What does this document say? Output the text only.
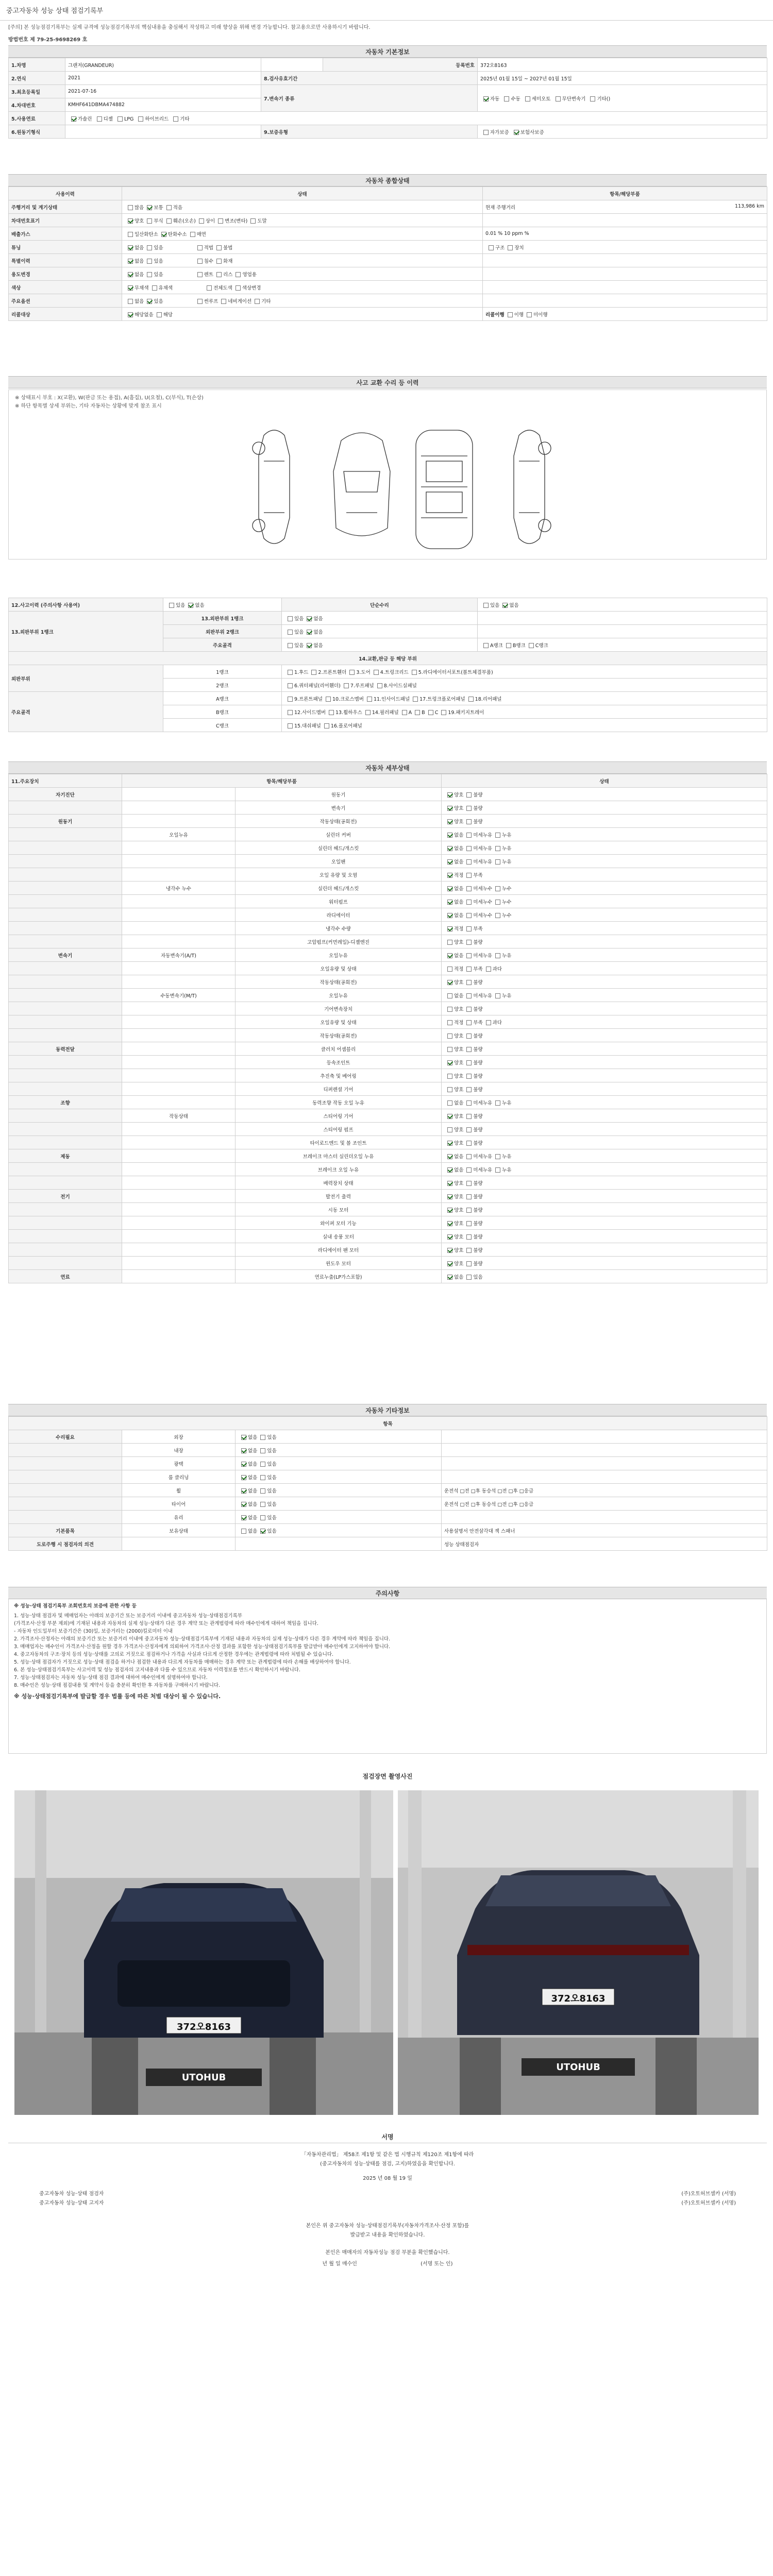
중고자동차 성능 상태 점검기록부
[주의] 본 성능점검기록부는 실제 규격에 성능점검기록부의 핵심내용을 충심해서 작성하고 미래 향상을 위해 변경 가능합니다. 참고용으로만 사용하시기 바랍니다.
방법번호 제 79-25-9698269 호
자동차 기본정보
1.차명	그랜저(GRANDEUR)		등록번호	372오8163
2.연식	2021	8.검사유효기간		2025년 01월 15일 ~ 2027년 01월 15일
3.최초등록일	2021-07-16	7.변속기 종류		자동 수동 세미오토 무단변속기 기타()
4.차대번호	KMHF641DBMA474882			
5.사용연료	가솔린 디젤 LPG 하이브리드 기타			
6.원동기형식		9.보증유형		자가보증 보험사보증
자동차 종합상태
사용이력	상태	항목/해당부품
주행거리 및 계기상태	많음 보통 적음	현재 주행거리 113,986 km

차대번호표기	양호 부식 훼손(오손) 상이 변조(변타) 도말	
배출가스	일산화탄소 탄화수소 매연	0.01 % 10 ppm %
튜닝	없음 있음 적법 불법	구조 장치
특별이력	없음 있음 침수 화재	
용도변경	없음 있음 렌트 리스 영업용	
색상	무채색 유채색 전체도색 색상변경	
주요옵션	없음 있음 썬루프 네비게이션 기타	
리콜대상	해당없음 해당	리콜이행 이행 미이행
사고 교환 수리 등 이력
※ 상태표시 부호 : X(교환), W(판금 또는 용접), A(흠집), U(요철), C(부식), T(손상)
※ 하단 항목별 상세 부위는, 기타 자동차는 상황에 맞게 참조 표시
12.사고이력 (주의사항 사용여)	있음 없음	단순수리	있음 없음
13.외판부위 1랭크	13.외판부위 1랭크	있음 없음	
	외판부위 2랭크	있음 없음	
	주요골격	있음 없음	A랭크 B랭크 C랭크
14.교환,판금 등 해당 부위			
외판부위	1랭크	1.후드 2.프론트휀더 3.도어 4.트렁크리드 5.라디에이터서포트(볼트체결부품)	
	2랭크	6.쿼터패널(리어휀더) 7.루프패널 8.사이드실패널	
주요골격	A랭크	9.프론트패널 10.크로스멤버 11.인사이드패널 17.트렁크플로어패널 18.리어패널	
	B랭크	12.사이드멤버 13.휠하우스 14.필러패널 A B C 19.패키지트레이	
	C랭크	15.대쉬패널 16.플로어패널	
자동차 세부상태
11.주요장치	항목/해당부품		상태
자기진단		원동기	양호 불량
		변속기	양호 불량
원동기		작동상태(공회전)	양호 불량
	오일누유	실린더 커버	없음 미세누유 누유
		실린더 헤드/개스킷	없음 미세누유 누유
		오일팬	없음 미세누유 누유
		오일 유량 및 오염	적정 부족
	냉각수 누수	실린더 헤드/개스킷	없음 미세누수 누수
		워터펌프	없음 미세누수 누수
		라디에이터	없음 미세누수 누수
		냉각수 수량	적정 부족
		고압펌프(커먼레일)-디젤엔진	양호 불량
변속기	자동변속기(A/T)	오일누유	없음 미세누유 누유
		오일유량 및 상태	적정 부족 과다
		작동상태(공회전)	양호 불량
	수동변속기(M/T)	오일누유	없음 미세누유 누유
		기어변속장치	양호 불량
		오일유량 및 상태	적정 부족 과다
		작동상태(공회전)	양호 불량
동력전달		클러치 어셈블리	양호 불량
		등속조인트	양호 불량
		추진축 및 베어링	양호 불량
		디퍼렌셜 기어	양호 불량
조향		동력조향 작동 오일 누유	없음 미세누유 누유
	작동상태	스티어링 기어	양호 불량
		스티어링 펌프	양호 불량
		타이로드엔드 및 볼 조인트	양호 불량
제동		브레이크 마스터 실린더오일 누유	없음 미세누유 누유
		브레이크 오일 누유	없음 미세누유 누유
		배력장치 상태	양호 불량
전기		발전기 출력	양호 불량
		시동 모터	양호 불량
		와이퍼 모터 기능	양호 불량
		실내 송풍 모터	양호 불량
		라디에이터 팬 모터	양호 불량
		윈도우 모터	양호 불량
연료		연료누출(LP가스포함)	없음 있음
자동차 기타정보
항목			
수리필요	외장	없음 있음	
	내장	없음 있음	
	광택	없음 있음	
	룸 클리닝	없음 있음	
	휠	없음 있음	운전석 □전 □후 동승석 □전 □후 □응급
	타이어	없음 있음	운전석 □전 □후 동승석 □전 □후 □응급
	유리	없음 있음	
기본품목	보유상태	없음 있음	사용설명서 안전삼각대 잭 스패너
도로주행 시 점검자의 의견			성능 상태점검자
주의사항
※ 성능·상태 점검기록부 조회번호의 보증에 관한 사항 등
1. 성능·상태 점검자 및 매매업자는 아래의 보증기간 또는 보증거리 이내에 중고자동차 성능·상태점검기록부
(가격조사·산정 부분 제외)에 기재된 내용과 자동차의 실제 성능·상태가 다른 경우 계약 또는 관계법령에 따라 매수인에게 대하여 책임을 집니다.
- 자동차 인도일부터 보증기간은 (30)일, 보증거리는 (2000)킬로미터 이내
2. 가격조사·산정자는 아래의 보증기간 또는 보증거리 이내에 중고자동차 성능·상태점검기록부에 기재된 내용과 자동차의 실제 성능·상태가 다른 경우 계약에 따라 책임을 집니다.
3. 매매업자는 매수인이 가격조사·산정을 원할 경우 가격조사·산정자에게 의뢰하여 가격조사·산정 결과를 포함한 성능·상태점검기록부를 발급받아 매수인에게 고지하여야 합니다.
4. 중고자동차의 구조·장치 등의 성능·상태를 고의로 거짓으로 점검하거나 가격을 사실과 다르게 산정한 경우에는 관계법령에 따라 처벌될 수 있습니다.
5. 성능·상태 점검자가 거짓으로 성능·상태 점검을 하거나 점검한 내용과 다르게 자동차를 매매하는 경우 계약 또는 관계법령에 따라 손해를 배상하여야 합니다.
6. 본 성능·상태점검기록부는 사고이력 및 성능 점검자의 고지내용과 다를 수 있으므로 자동차 이력정보를 반드시 확인하시기 바랍니다.
7. 성능·상태점검자는 자동차 성능·상태 점검 결과에 대하여 매수인에게 설명하여야 합니다.
8. 매수인은 성능·상태 점검내용 및 계약서 등을 충분히 확인한 후 자동차를 구매하시기 바랍니다.
※ 성능·상태점검기록부에 발급할 경우 법률 등에 따른 처벌 대상이 될 수 있습니다.
점검장면 촬영사진
372오8163
UTOHUB
372오8163
UTOHUB
서명
「자동차관리법」 제58조 제1항 및 같은 법 시행규칙 제120조 제1항에 따라
(중고자동차의 성능·상태를 점검, 고지)하였음을 확인합니다.
2025 년 08 월 19 일
중고자동차 성능·상태 점검자	(주)오토허브셀카 (서명)
중고자동차 성능·상태 고지자	(주)오토허브셀카 (서명)
본인은 위 중고자동차 성능·상태점검기록부(자동차가격조사·산정 포함)를
발급받고 내용을 확인하였습니다.
본인은 매매자의 자동차성능 점검 부분을 확인했습니다.
년 월 일 매수인	(서명 또는 인)
